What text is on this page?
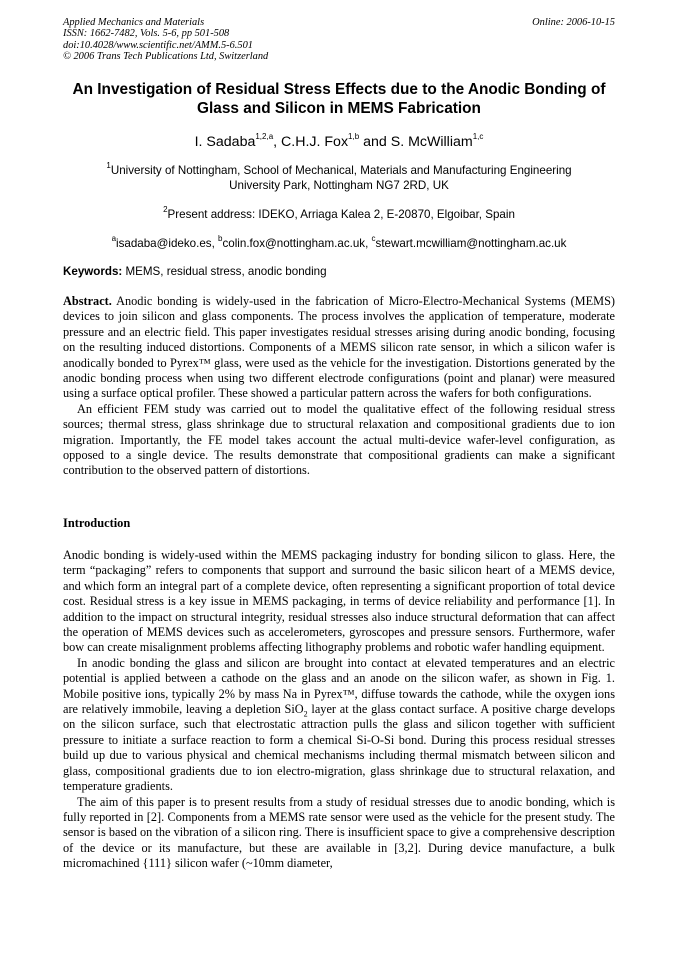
Applied Mechanics and Materials
ISSN: 1662-7482, Vols. 5-6, pp 501-508
doi:10.4028/www.scientific.net/AMM.5-6.501
© 2006 Trans Tech Publications Ltd, Switzerland
Online: 2006-10-15
An Investigation of Residual Stress Effects due to the Anodic Bonding of
Glass and Silicon in MEMS Fabrication
I. Sadaba$^{1,2,a}$, C.H.J. Fox$^{1,b}$ and S. McWilliam$^{1,c}$
$^1$University of Nottingham, School of Mechanical, Materials and Manufacturing Engineering
University Park, Nottingham NG7 2RD, UK
$^2$Present address: IDEKO, Arriaga Kalea 2, E-20870, Elgoibar, Spain
$^a$isadaba@ideko.es, $^b$colin.fox@nottingham.ac.uk, $^c$stewart.mcwilliam@nottingham.ac.uk
Keywords: MEMS, residual stress, anodic bonding

Abstract. Anodic bonding is widely-used in the fabrication of Micro-Electro-Mechanical Systems (MEMS) devices to join silicon and glass components. The process involves the application of temperature, moderate pressure and an electric field. This paper investigates residual stresses arising during anodic bonding, focusing on the resulting induced distortions. Components of a MEMS silicon rate sensor, in which a silicon wafer is anodically bonded to Pyrex™ glass, were used as the vehicle for the investigation. Distortions generated by the anodic bonding process when using two different electrode configurations (point and planar) were measured using a surface optical profiler. These showed a particular pattern across the wafers for both configurations.

An efficient FEM study was carried out to model the qualitative effect of the following residual stress sources; thermal stress, glass shrinkage due to structural relaxation and compositional gradients due to ion migration. Importantly, the FE model takes account the actual multi-device wafer-level configuration, as opposed to a single device. The results demonstrate that compositional gradients can make a significant contribution to the observed pattern of distortions.

Introduction

Anodic bonding is widely-used within the MEMS packaging industry for bonding silicon to glass. Here, the term “packaging” refers to components that support and surround the basic silicon heart of a MEMS device, and which form an integral part of a complete device, often representing a significant proportion of total device cost. Residual stress is a key issue in MEMS packaging, in terms of device reliability and performance [1]. In addition to the impact on structural integrity, residual stresses also induce structural deformation that can affect the operation of MEMS devices such as accelerometers, gyroscopes and pressure sensors. Furthermore, wafer bow can create misalignment problems affecting lithography problems and robotic wafer handling equipment.

In anodic bonding the glass and silicon are brought into contact at elevated temperatures and an electric potential is applied between a cathode on the glass and an anode on the silicon wafer, as shown in Fig. 1. Mobile positive ions, typically 2% by mass Na in Pyrex™, diffuse towards the cathode, while the oxygen ions are relatively immobile, leaving a depletion SiO$_2$ layer at the glass contact surface. A positive charge develops on the silicon surface, such that electrostatic attraction pulls the glass and silicon together with sufficient pressure to initiate a surface reaction to form a chemical Si-O-Si bond. During this process residual stresses build up due to various physical and chemical mechanisms including thermal mismatch between silicon and glass, compositional gradients due to ion electro-migration, glass shrinkage due to structural relaxation, and temperature gradients.

The aim of this paper is to present results from a study of residual stresses due to anodic bonding, which is fully reported in [2]. Components from a MEMS rate sensor were used as the vehicle for the present study. The sensor is based on the vibration of a silicon ring. There is insufficient space to give a comprehensive description of the device or its manufacture, but these are available in [3,2]. During device manufacture, a bulk micromachined {111} silicon wafer (~10mm diameter,
